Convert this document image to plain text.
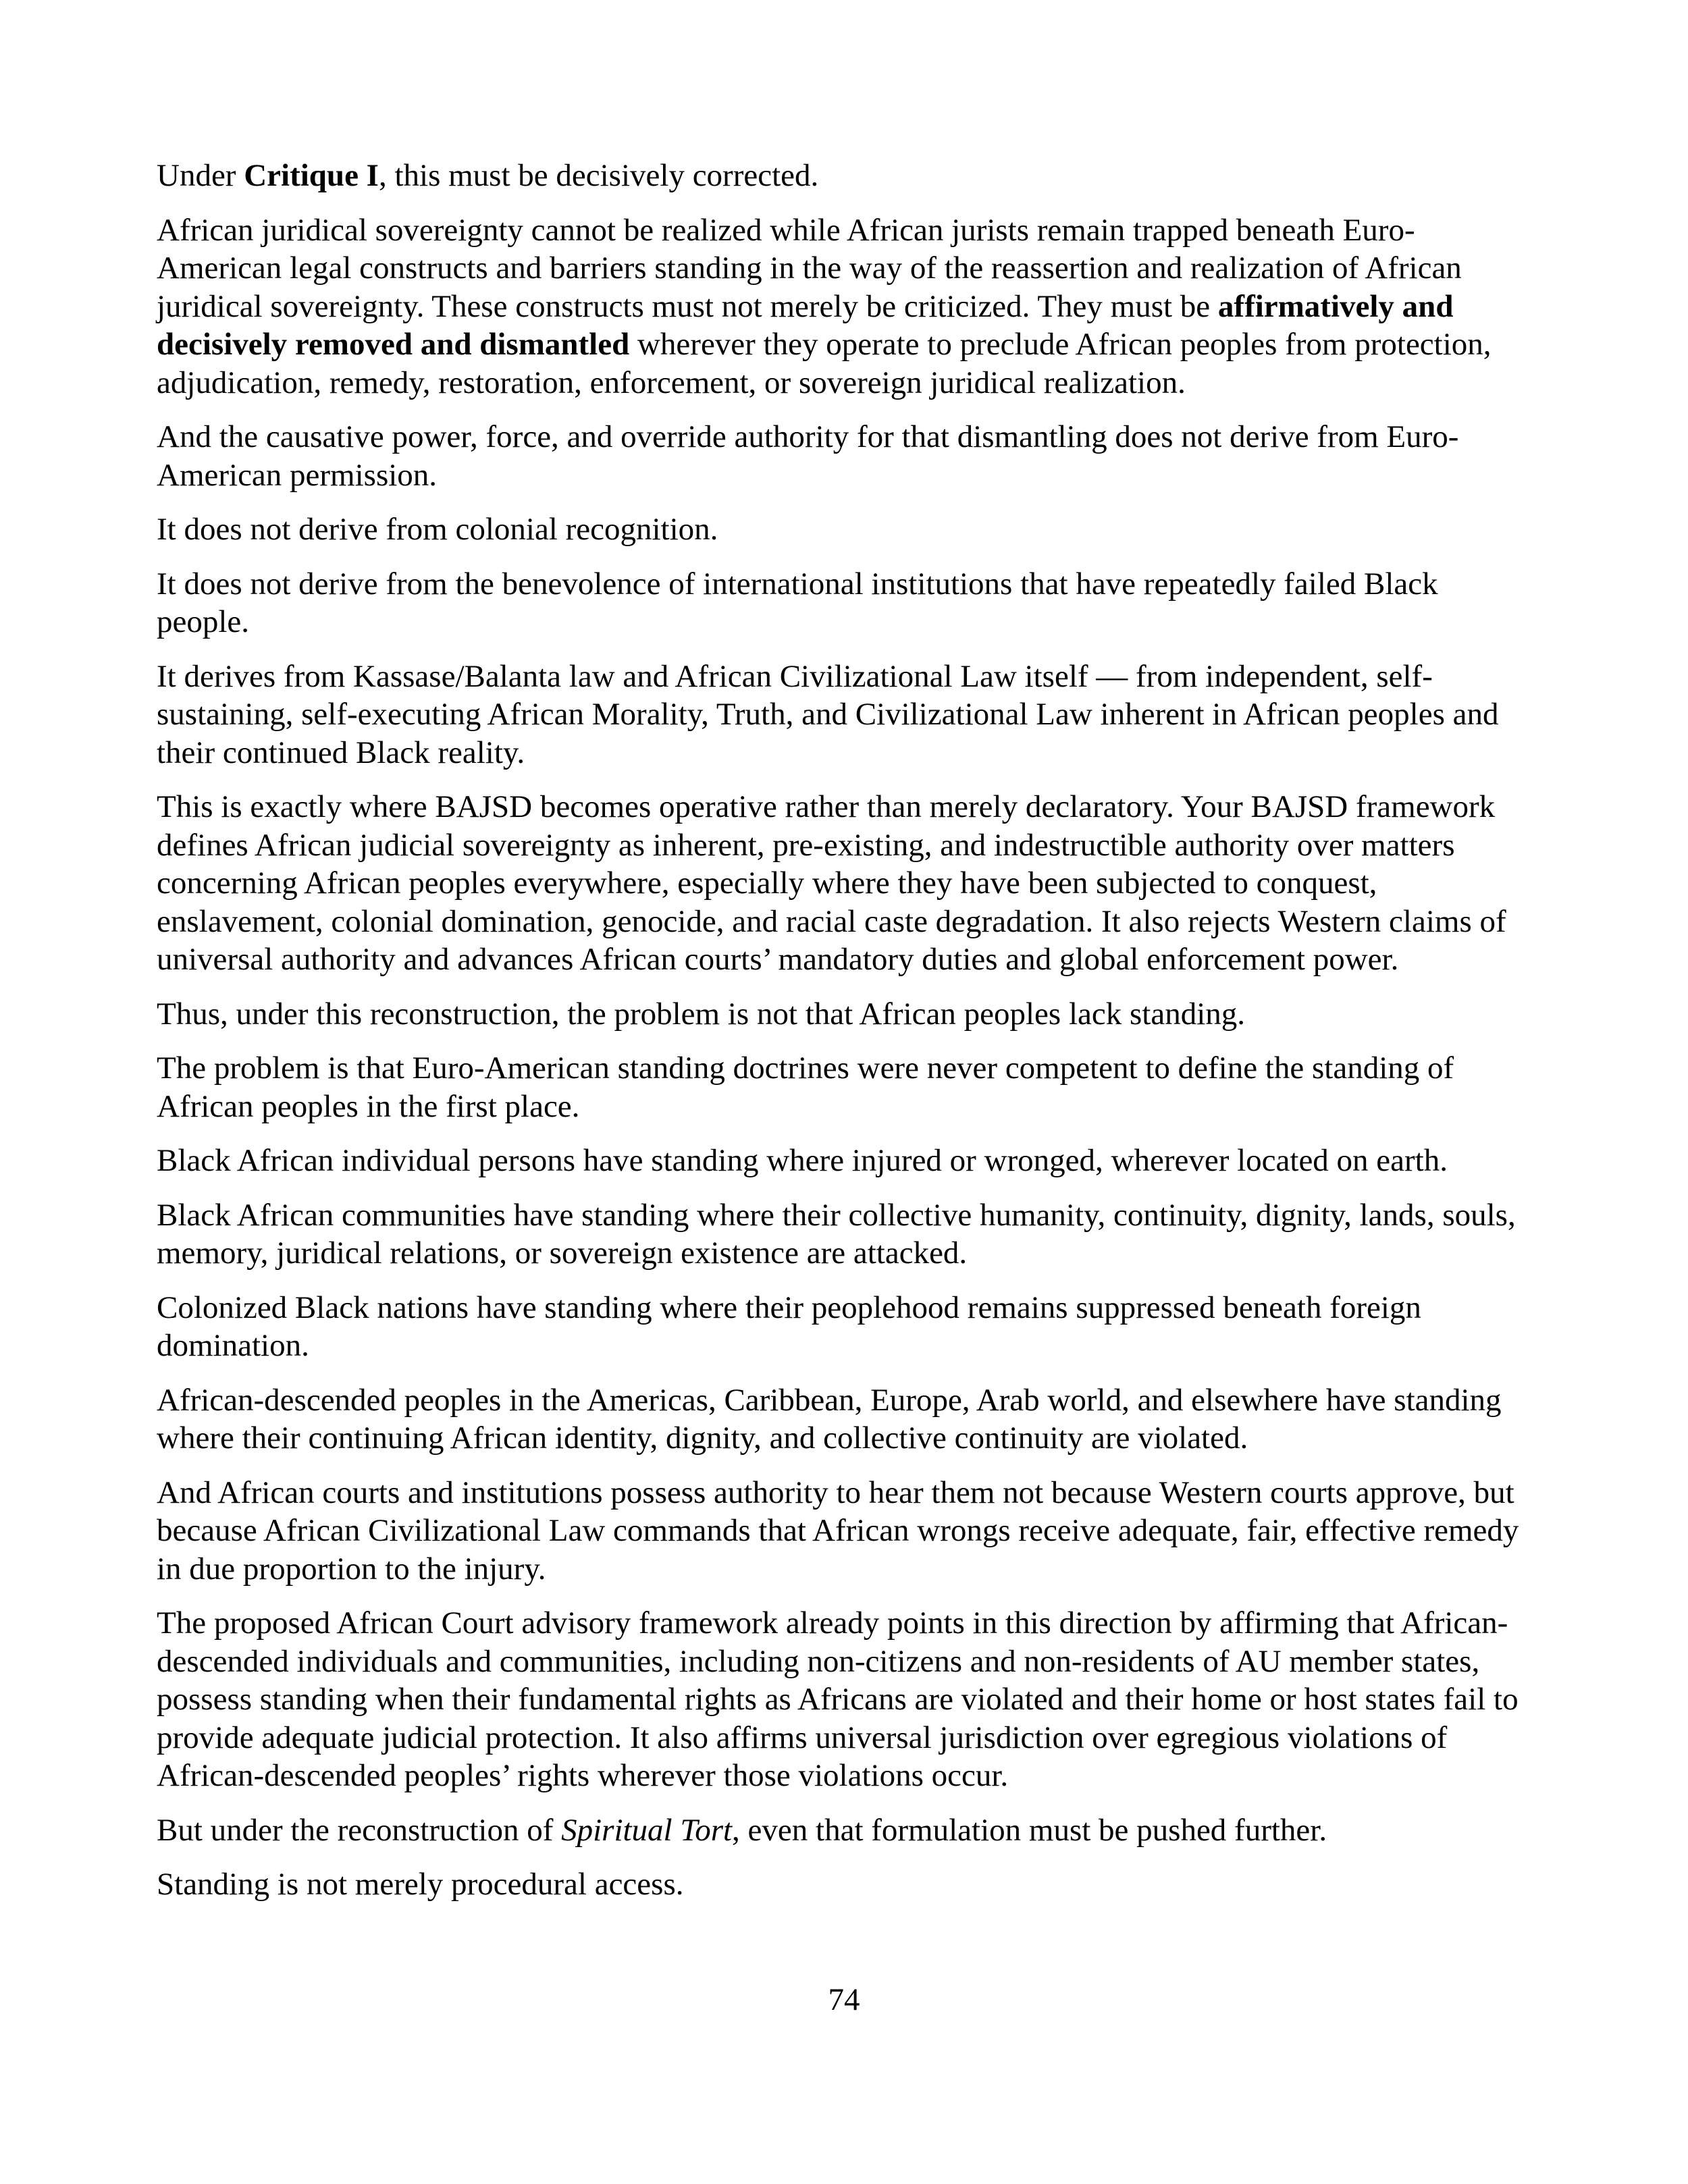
Under Critique I, this must be decisively corrected.

African juridical sovereignty cannot be realized while African jurists remain trapped beneath Euro-American legal constructs and barriers standing in the way of the reassertion and realization of African juridical sovereignty. These constructs must not merely be criticized. They must be affirmatively and decisively removed and dismantled wherever they operate to preclude African peoples from protection, adjudication, remedy, restoration, enforcement, or sovereign juridical realization.

And the causative power, force, and override authority for that dismantling does not derive from Euro-American permission.

It does not derive from colonial recognition.

It does not derive from the benevolence of international institutions that have repeatedly failed Black people.

It derives from Kassase/Balanta law and African Civilizational Law itself — from independent, self-sustaining, self-executing African Morality, Truth, and Civilizational Law inherent in African peoples and their continued Black reality.

This is exactly where BAJSD becomes operative rather than merely declaratory. Your BAJSD framework defines African judicial sovereignty as inherent, pre-existing, and indestructible authority over matters concerning African peoples everywhere, especially where they have been subjected to conquest, enslavement, colonial domination, genocide, and racial caste degradation. It also rejects Western claims of universal authority and advances African courts’ mandatory duties and global enforcement power.

Thus, under this reconstruction, the problem is not that African peoples lack standing.

The problem is that Euro-American standing doctrines were never competent to define the standing of African peoples in the first place.

Black African individual persons have standing where injured or wronged, wherever located on earth.

Black African communities have standing where their collective humanity, continuity, dignity, lands, souls, memory, juridical relations, or sovereign existence are attacked.

Colonized Black nations have standing where their peoplehood remains suppressed beneath foreign domination.

African-descended peoples in the Americas, Caribbean, Europe, Arab world, and elsewhere have standing where their continuing African identity, dignity, and collective continuity are violated.

And African courts and institutions possess authority to hear them not because Western courts approve, but because African Civilizational Law commands that African wrongs receive adequate, fair, effective remedy in due proportion to the injury.

The proposed African Court advisory framework already points in this direction by affirming that African-descended individuals and communities, including non-citizens and non-residents of AU member states, possess standing when their fundamental rights as Africans are violated and their home or host states fail to provide adequate judicial protection. It also affirms universal jurisdiction over egregious violations of African-descended peoples’ rights wherever those violations occur.

But under the reconstruction of Spiritual Tort, even that formulation must be pushed further.

Standing is not merely procedural access.

74
